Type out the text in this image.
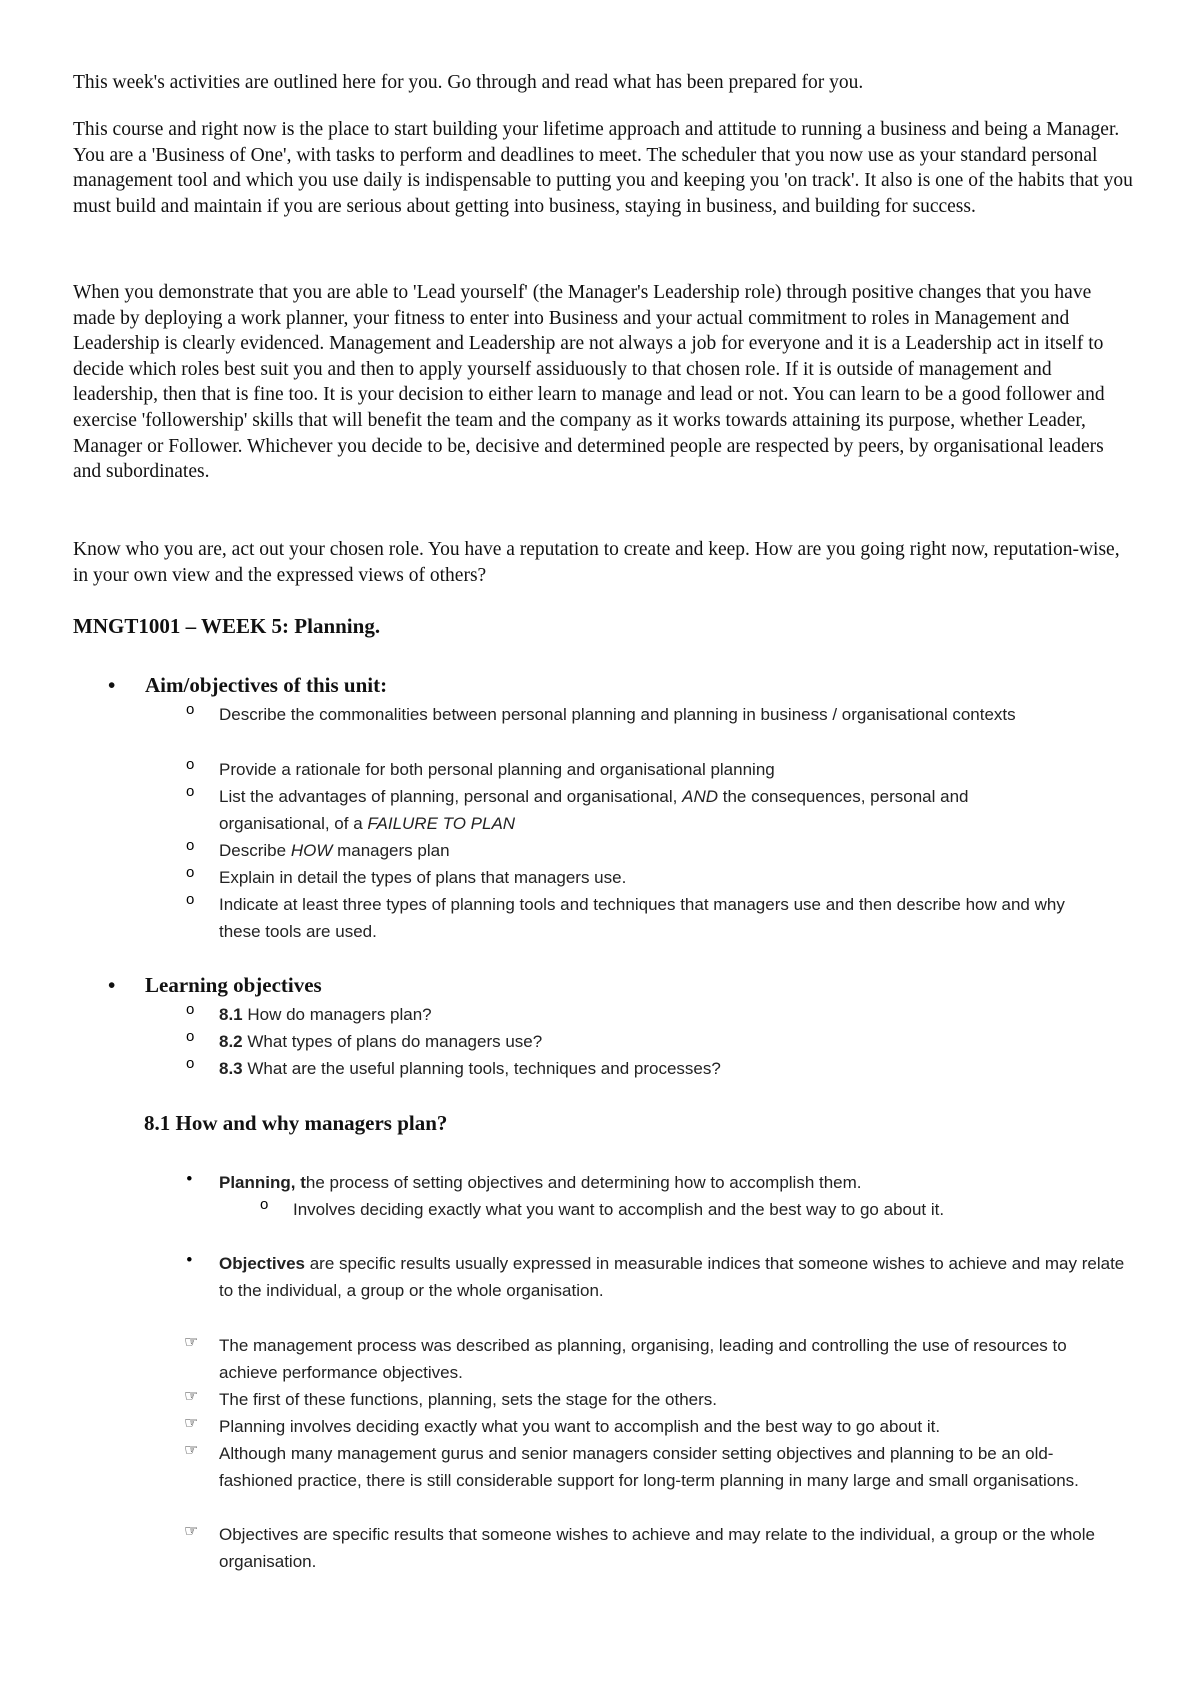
This week's activities are outlined here for you. Go through and read what has been prepared for you.

This course and right now is the place to start building your lifetime approach and attitude to running a business and being a Manager. You are a 'Business of One', with tasks to perform and deadlines to meet. The scheduler that you now use as your standard personal management tool and which you use daily is indispensable to putting you and keeping you 'on track'. It also is one of the habits that you must build and maintain if you are serious about getting into business, staying in business, and building for success.

When you demonstrate that you are able to 'Lead yourself' (the Manager's Leadership role) through positive changes that you have made by deploying a work planner, your fitness to enter into Business and your actual commitment to roles in Management and Leadership is clearly evidenced. Management and Leadership are not always a job for everyone and it is a Leadership act in itself to decide which roles best suit you and then to apply yourself assiduously to that chosen role. If it is outside of management and leadership, then that is fine too. It is your decision to either learn to manage and lead or not. You can learn to be a good follower and exercise 'followership' skills that will benefit the team and the company as it works towards attaining its purpose, whether Leader, Manager or Follower. Whichever you decide to be, decisive and determined people are respected by peers, by organisational leaders and subordinates.

Know who you are, act out your chosen role. You have a reputation to create and keep. How are you going right now, reputation-wise, in your own view and the expressed views of others?

MNGT1001 – WEEK 5: Planning.
• Aim/objectives of this unit:
o Describe the commonalities between personal planning and planning in business / organisational contexts
o Provide a rationale for both personal planning and organisational planning
o List the advantages of planning, personal and organisational, AND the consequences, personal and organisational, of a FAILURE TO PLAN
o Describe HOW managers plan
o Explain in detail the types of plans that managers use.
o Indicate at least three types of planning tools and techniques that managers use and then describe how and why these tools are used.
• Learning objectives
o 8.1 How do managers plan?
o 8.2 What types of plans do managers use?
o 8.3 What are the useful planning tools, techniques and processes?
8.1 How and why managers plan?
• Planning, the process of setting objectives and determining how to accomplish them.
o Involves deciding exactly what you want to accomplish and the best way to go about it.
• Objectives are specific results usually expressed in measurable indices that someone wishes to achieve and may relate to the individual, a group or the whole organisation.
☞ The management process was described as planning, organising, leading and controlling the use of resources to achieve performance objectives.
☞ The first of these functions, planning, sets the stage for the others.
☞ Planning involves deciding exactly what you want to accomplish and the best way to go about it.
☞ Although many management gurus and senior managers consider setting objectives and planning to be an old-fashioned practice, there is still considerable support for long-term planning in many large and small organisations.
☞ Objectives are specific results that someone wishes to achieve and may relate to the individual, a group or the whole organisation.
